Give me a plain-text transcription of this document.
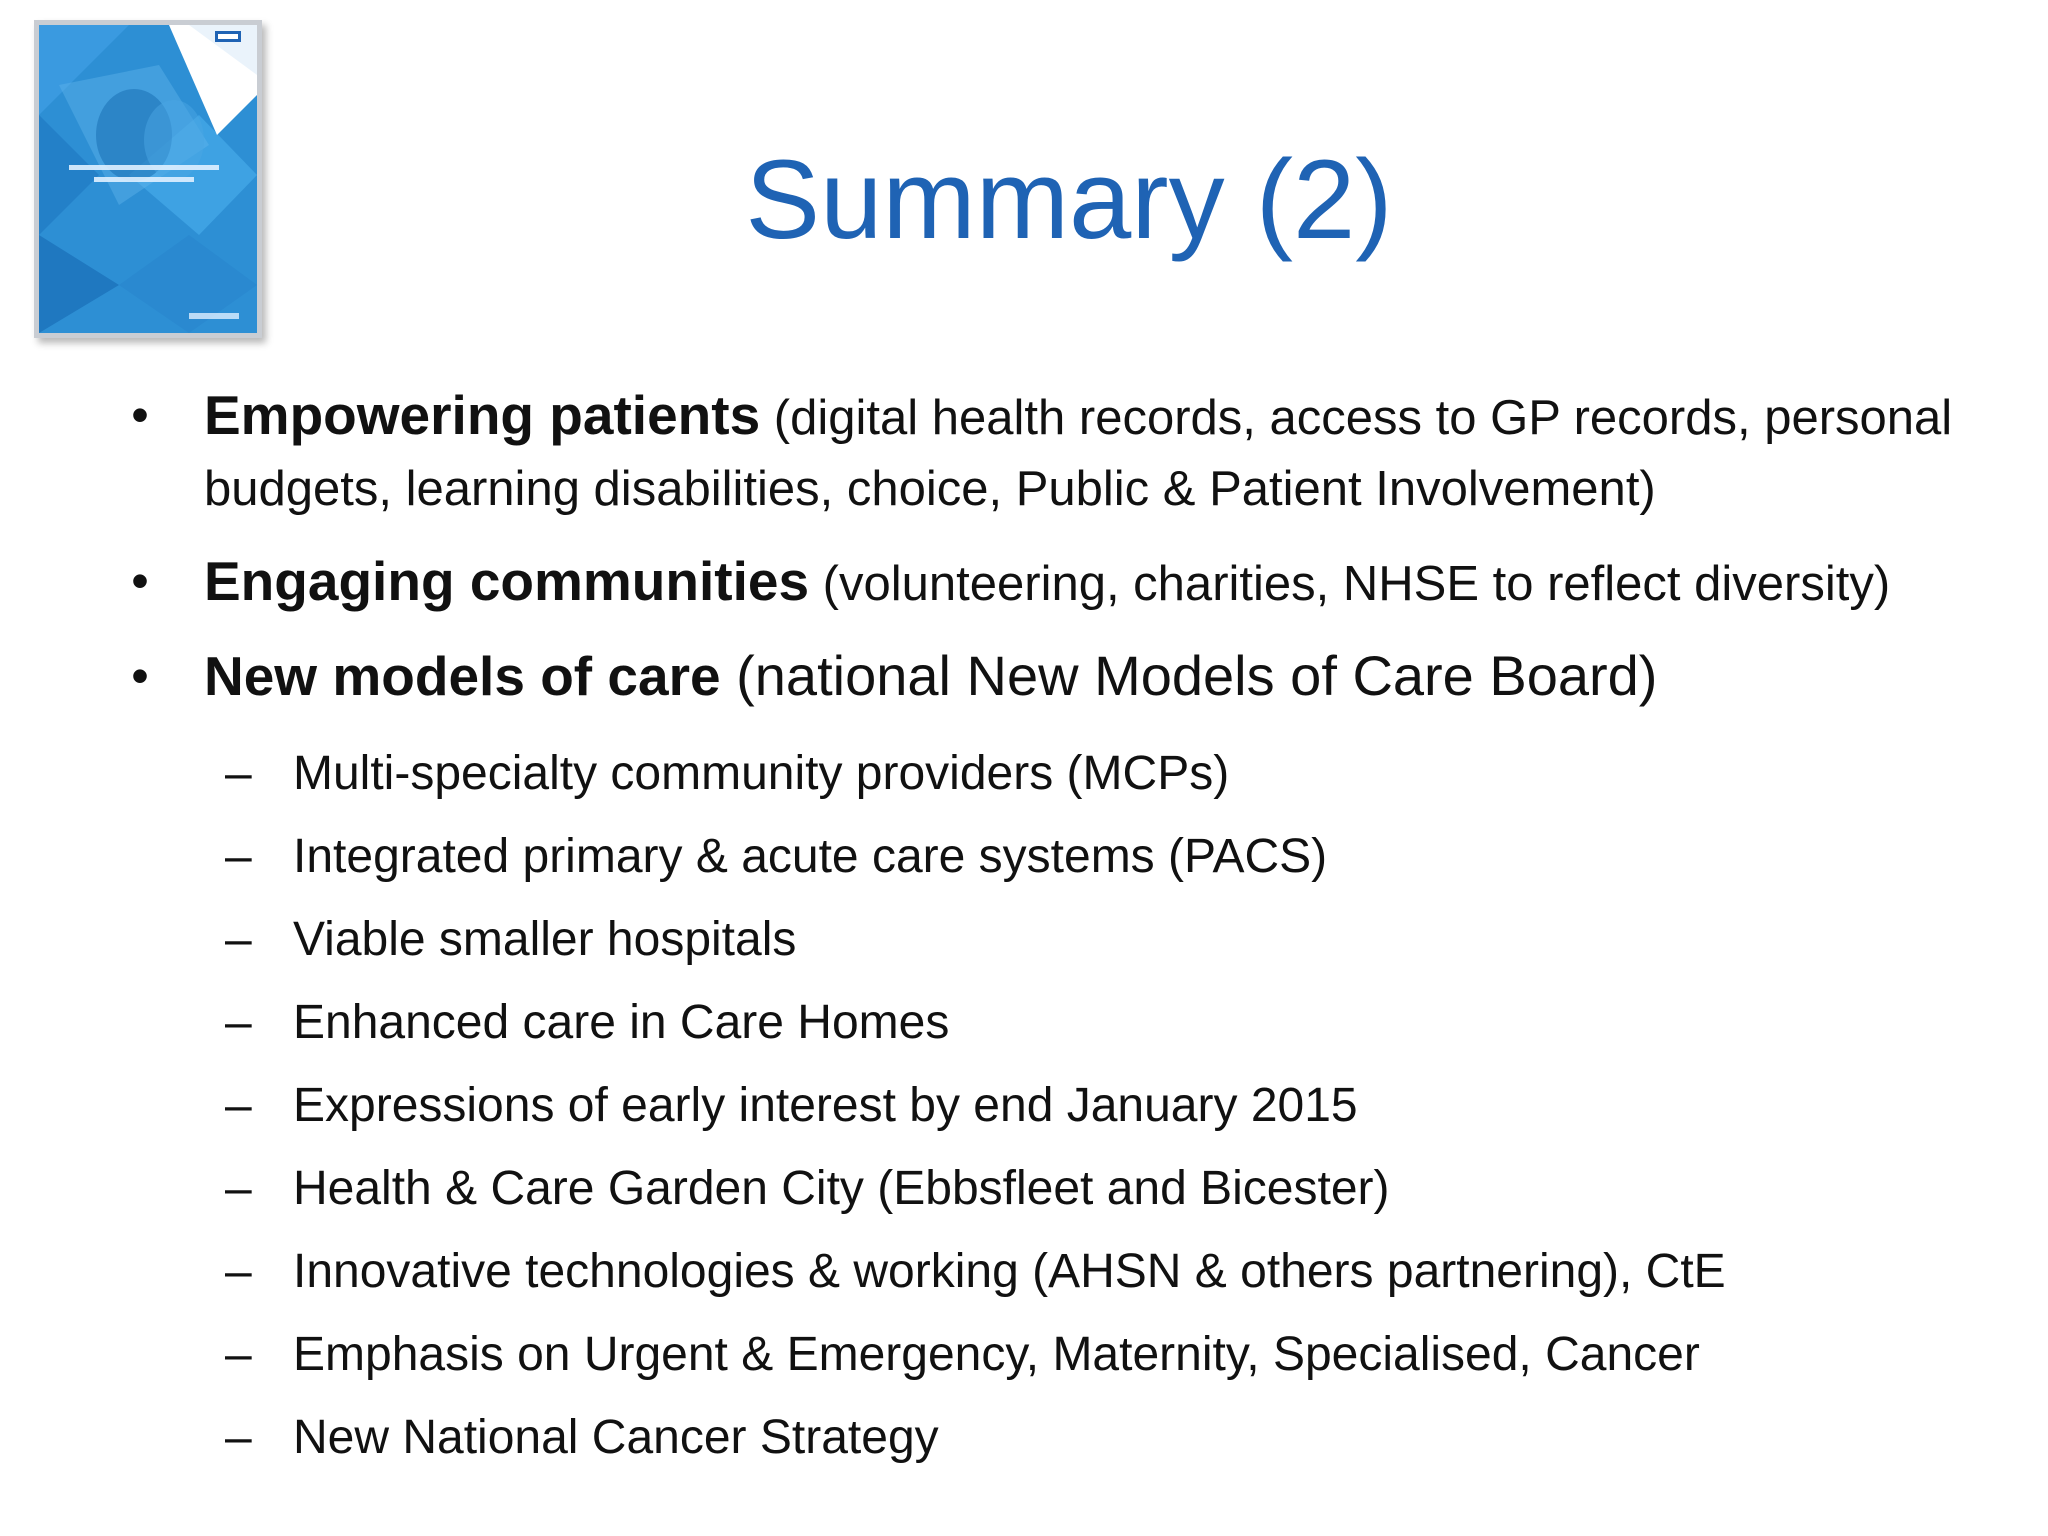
Summary (2)
• Empowering patients (digital health records, access to GP records, personal budgets, learning disabilities, choice, Public & Patient Involvement)
• Engaging communities (volunteering, charities, NHSE to reflect diversity)
• New models of care (national New Models of Care Board)
– Multi-specialty community providers (MCPs)
– Integrated primary & acute care systems (PACS)
– Viable smaller hospitals
– Enhanced care in Care Homes
– Expressions of early interest by end January 2015
– Health & Care Garden City (Ebbsfleet and Bicester)
– Innovative technologies & working (AHSN & others partnering), CtE
– Emphasis on Urgent & Emergency, Maternity, Specialised, Cancer
– New National Cancer Strategy
